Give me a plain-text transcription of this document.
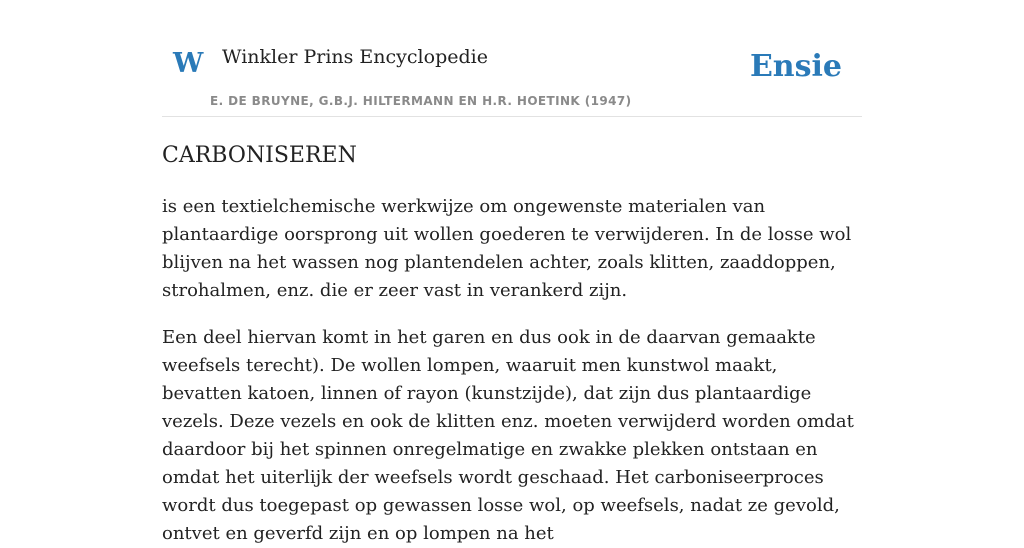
W Winkler Prins Encyclopedie
E. DE BRUYNE, G.B.J. HILTERMANN EN H.R. HOETINK (1947)
Ensie
CARBONISEREN

is een textielchemische werkwijze om ongewenste materialen van plantaardige oorsprong uit wollen goederen te verwijderen. In de losse wol blijven na het wassen nog plantendelen achter, zoals klitten, zaaddoppen, strohalmen, enz. die er zeer vast in verankerd zijn.

Een deel hiervan komt in het garen en dus ook in de daarvan gemaakte weefsels terecht). De wollen lompen, waaruit men kunstwol maakt, bevatten katoen, linnen of rayon (kunstzijde), dat zijn dus plantaardige vezels. Deze vezels en ook de klitten enz. moeten verwijderd worden omdat daardoor bij het spinnen onregelmatige en zwakke plekken ontstaan en omdat het uiterlijk der weefsels wordt geschaad. Het carboniseerproces wordt dus toegepast op gewassen losse wol, op weefsels, nadat ze gevold, ontvet en geverfd zijn en op lompen na het
